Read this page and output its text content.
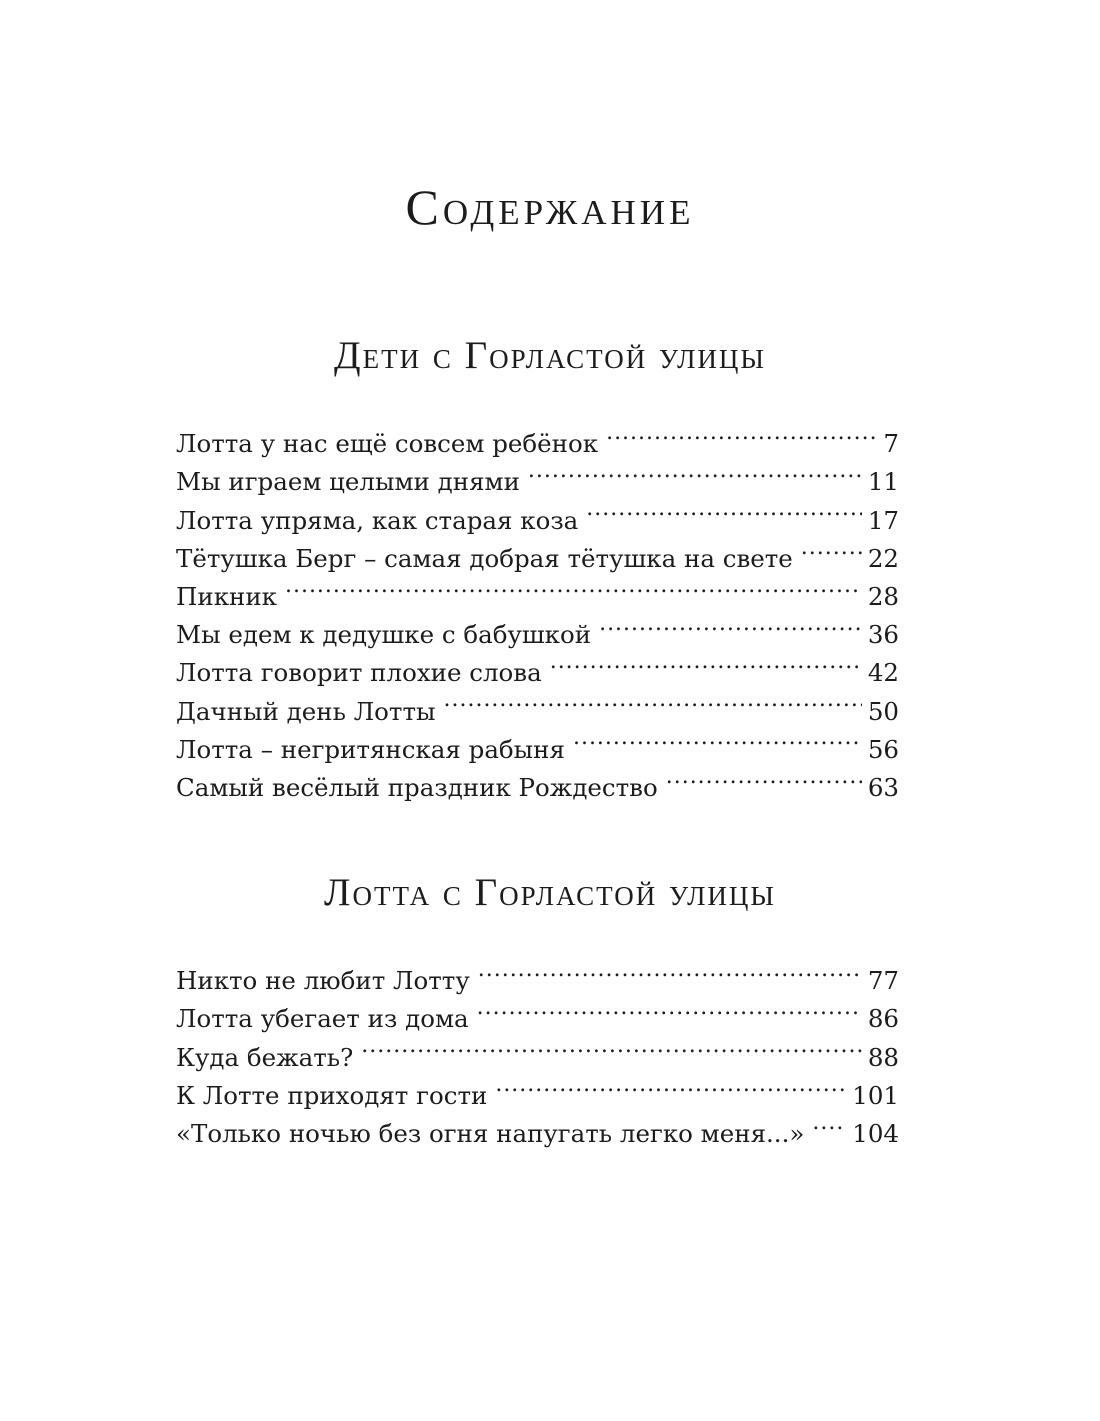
Содержание
Дети с Горластой улицы
Лотта у нас ещё совсем ребёнок . . .	7
Мы играем целыми днями . . .	11
Лотта упряма, как старая коза . . .	17
Тётушка Берг – самая добрая тётушка на свете . . .	22
Пикник . . .	28
Мы едем к дедушке с бабушкой . . .	36
Лотта говорит плохие слова . . .	42
Дачный день Лотты . . .	50
Лотта – негритянская рабыня . . .	56
Самый весёлый праздник Рождество . . .	63
Лотта с Горластой улицы
Никто не любит Лотту . . .	77
Лотта убегает из дома . . .	86
Куда бежать? . . .	88
К Лотте приходят гости . . .	101
«Только ночью без огня напугать легко меня...» . . . 104
